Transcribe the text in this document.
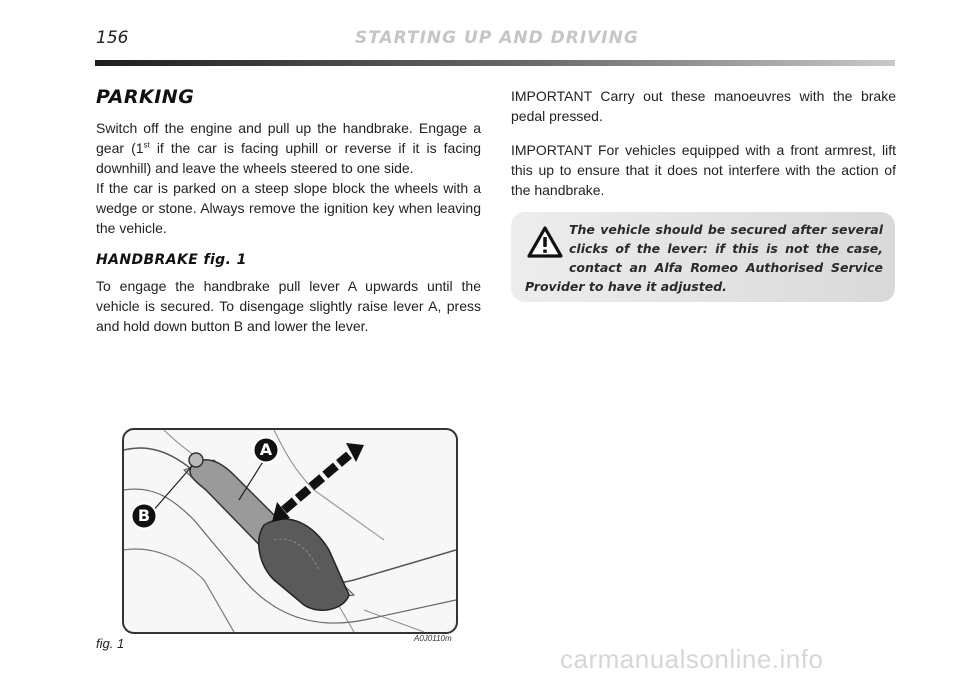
156	STARTING UP AND DRIVING
PARKING

Switch off the engine and pull up the handbrake. Engage a gear (1st if the car is facing uphill or reverse if it is facing downhill) and leave the wheels steered to one side.

If the car is parked on a steep slope block the wheels with a wedge or stone. Always remove the ignition key when leaving the vehicle.

HANDBRAKE fig. 1

To engage the handbrake pull lever A upwards until the vehicle is secured. To disengage slightly raise lever A, press and hold down button B and lower the lever.

IMPORTANT Carry out these manoeuvres with the brake pedal pressed.

IMPORTANT For vehicles equipped with a front armrest, lift this up to ensure that it does not interfere with the action of the handbrake.

The vehicle should be secured after several clicks of the lever: if this is not the case, contact an Alfa Romeo Authorised Service Provider to have it adjusted.
A
B
fig. 1	A0J0110m
carmanualsonline.info
